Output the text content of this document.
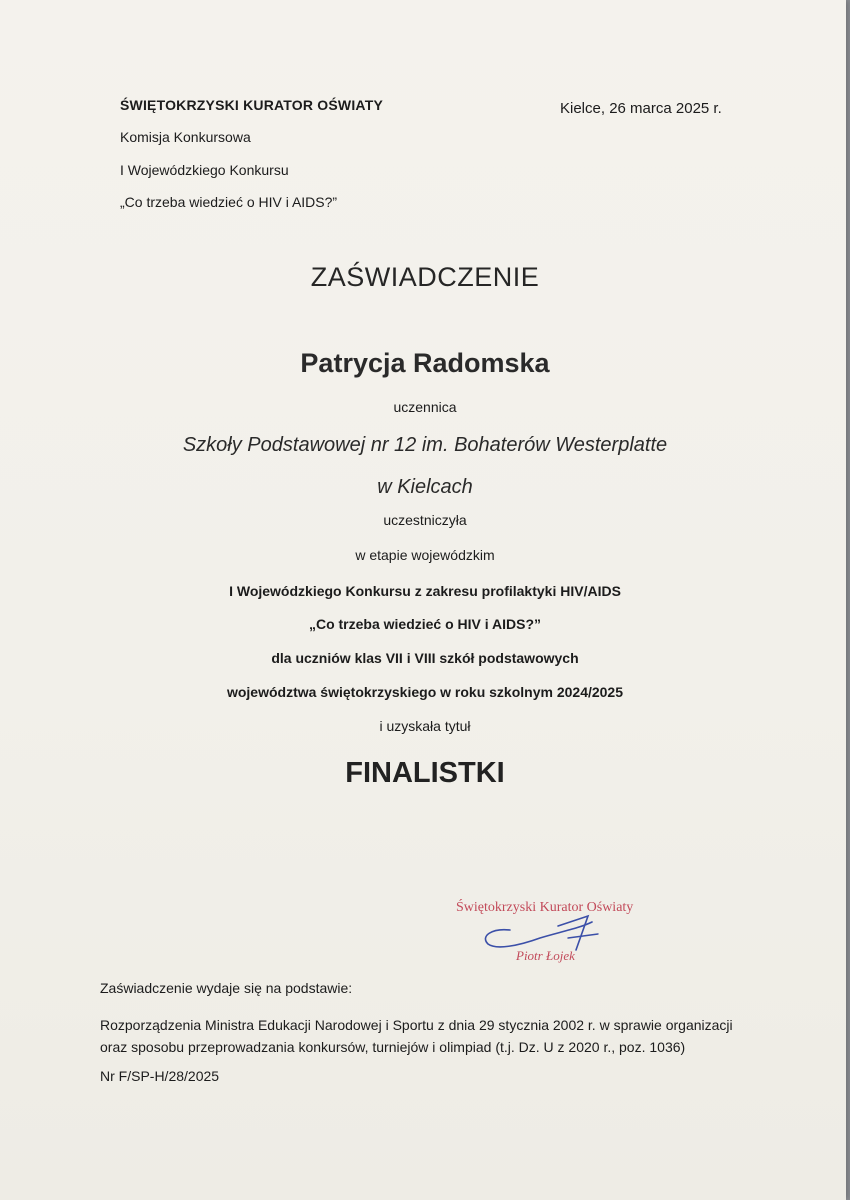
ŚWIĘTOKRZYSKI KURATOR OŚWIATY
Komisja Konkursowa
I Wojewódzkiego Konkursu
„Co trzeba wiedzieć o HIV i AIDS?”
Kielce, 26 marca 2025 r.
ZAŚWIADCZENIE
Patrycja Radomska
uczennica
Szkoły Podstawowej nr 12 im. Bohaterów Westerplatte
w Kielcach
uczestniczyła
w etapie wojewódzkim
I Wojewódzkiego Konkursu z zakresu profilaktyki HIV/AIDS
„Co trzeba wiedzieć o HIV i AIDS?”
dla uczniów klas VII i VIII szkół podstawowych
województwa świętokrzyskiego w roku szkolnym 2024/2025
i uzyskała tytuł
FINALISTKI
Świętokrzyski Kurator Oświaty
Piotr Łojek
Zaświadczenie wydaje się na podstawie:
Rozporządzenia Ministra Edukacji Narodowej i Sportu z dnia 29 stycznia 2002 r. w sprawie organizacji
oraz sposobu przeprowadzania konkursów, turniejów i olimpiad (t.j. Dz. U z 2020 r., poz. 1036)
Nr F/SP-H/28/2025
